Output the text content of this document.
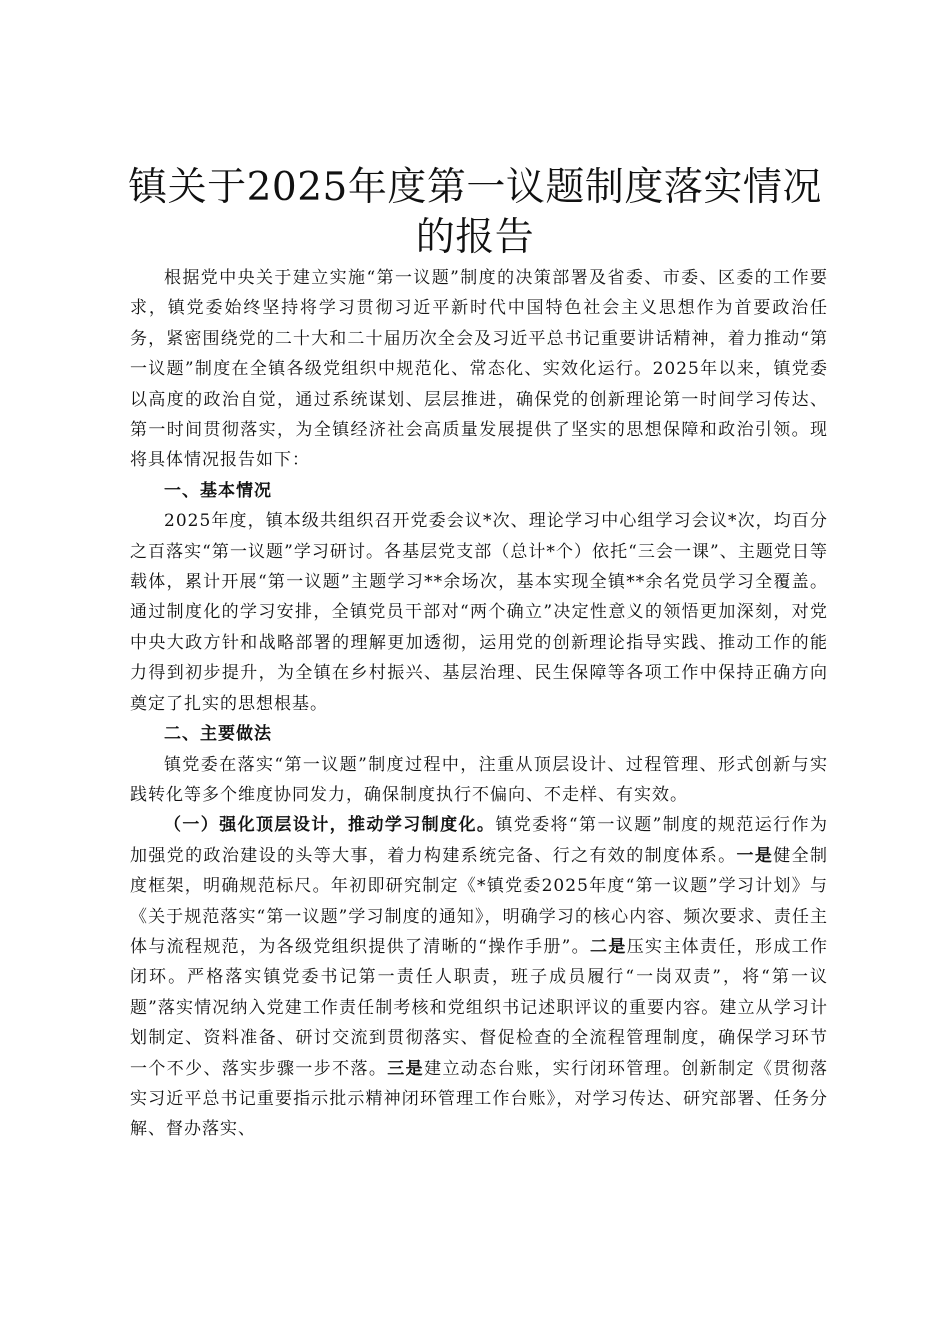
镇关于2025年度第一议题制度落实情况的报告

根据党中央关于建立实施“第一议题”制度的决策部署及省委、市委、区委的工作要求，镇党委始终坚持将学习贯彻习近平新时代中国特色社会主义思想作为首要政治任务，紧密围绕党的二十大和二十届历次全会及习近平总书记重要讲话精神，着力推动“第一议题”制度在全镇各级党组织中规范化、常态化、实效化运行。2025年以来，镇党委以高度的政治自觉，通过系统谋划、层层推进，确保党的创新理论第一时间学习传达、第一时间贯彻落实，为全镇经济社会高质量发展提供了坚实的思想保障和政治引领。现将具体情况报告如下：

一、基本情况

2025年度，镇本级共组织召开党委会议*次、理论学习中心组学习会议*次，均百分之百落实“第一议题”学习研讨。各基层党支部（总计*个）依托“三会一课”、主题党日等载体，累计开展“第一议题”主题学习**余场次，基本实现全镇**余名党员学习全覆盖。通过制度化的学习安排，全镇党员干部对“两个确立”决定性意义的领悟更加深刻，对党中央大政方针和战略部署的理解更加透彻，运用党的创新理论指导实践、推动工作的能力得到初步提升，为全镇在乡村振兴、基层治理、民生保障等各项工作中保持正确方向奠定了扎实的思想根基。

二、主要做法

镇党委在落实“第一议题”制度过程中，注重从顶层设计、过程管理、形式创新与实践转化等多个维度协同发力，确保制度执行不偏向、不走样、有实效。

（一）强化顶层设计，推动学习制度化。镇党委将“第一议题”制度的规范运行作为加强党的政治建设的头等大事，着力构建系统完备、行之有效的制度体系。一是健全制度框架，明确规范标尺。年初即研究制定《*镇党委2025年度“第一议题”学习计划》与《关于规范落实“第一议题”学习制度的通知》，明确学习的核心内容、频次要求、责任主体与流程规范，为各级党组织提供了清晰的“操作手册”。二是压实主体责任，形成工作闭环。严格落实镇党委书记第一责任人职责，班子成员履行“一岗双责”，将“第一议题”落实情况纳入党建工作责任制考核和党组织书记述职评议的重要内容。建立从学习计划制定、资料准备、研讨交流到贯彻落实、督促检查的全流程管理制度，确保学习环节一个不少、落实步骤一步不落。三是建立动态台账，实行闭环管理。创新制定《贯彻落实习近平总书记重要指示批示精神闭环管理工作台账》，对学习传达、研究部署、任务分解、督办落实、
